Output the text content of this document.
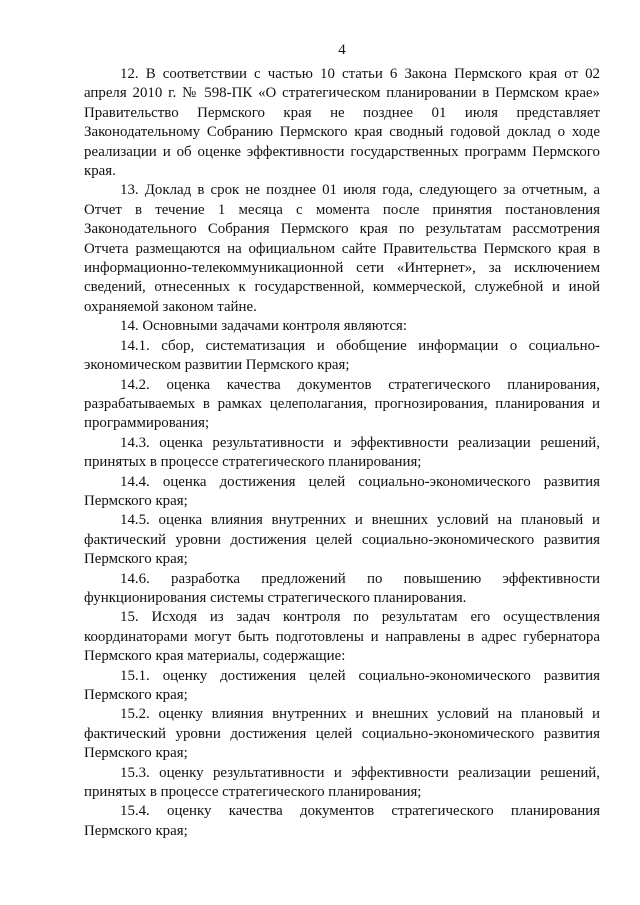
4

12. В соответствии с частью 10 статьи 6 Закона Пермского края от 02 апреля 2010 г. № 598-ПК «О стратегическом планировании в Пермском крае» Правительство Пермского края не позднее 01 июля представляет Законодательному Собранию Пермского края сводный годовой доклад о ходе реализации и об оценке эффективности государственных программ Пермского края.

13. Доклад в срок не позднее 01 июля года, следующего за отчетным, а Отчет в течение 1 месяца с момента после принятия постановления Законодательного Собрания Пермского края по результатам рассмотрения Отчета размещаются на официальном сайте Правительства Пермского края в информационно-телекоммуникационной сети «Интернет», за исключением сведений, отнесенных к государственной, коммерческой, служебной и иной охраняемой законом тайне.

14. Основными задачами контроля являются:

14.1. сбор, систематизация и обобщение информации о социально-экономическом развитии Пермского края;

14.2. оценка качества документов стратегического планирования, разрабатываемых в рамках целеполагания, прогнозирования, планирования и программирования;

14.3. оценка результативности и эффективности реализации решений, принятых в процессе стратегического планирования;

14.4. оценка достижения целей социально-экономического развития Пермского края;

14.5. оценка влияния внутренних и внешних условий на плановый и фактический уровни достижения целей социально-экономического развития Пермского края;

14.6. разработка предложений по повышению эффективности функционирования системы стратегического планирования.

15. Исходя из задач контроля по результатам его осуществления координаторами могут быть подготовлены и направлены в адрес губернатора Пермского края материалы, содержащие:

15.1. оценку достижения целей социально-экономического развития Пермского края;

15.2. оценку влияния внутренних и внешних условий на плановый и фактический уровни достижения целей социально-экономического развития Пермского края;

15.3. оценку результативности и эффективности реализации решений, принятых в процессе стратегического планирования;

15.4. оценку качества документов стратегического планирования Пермского края;
